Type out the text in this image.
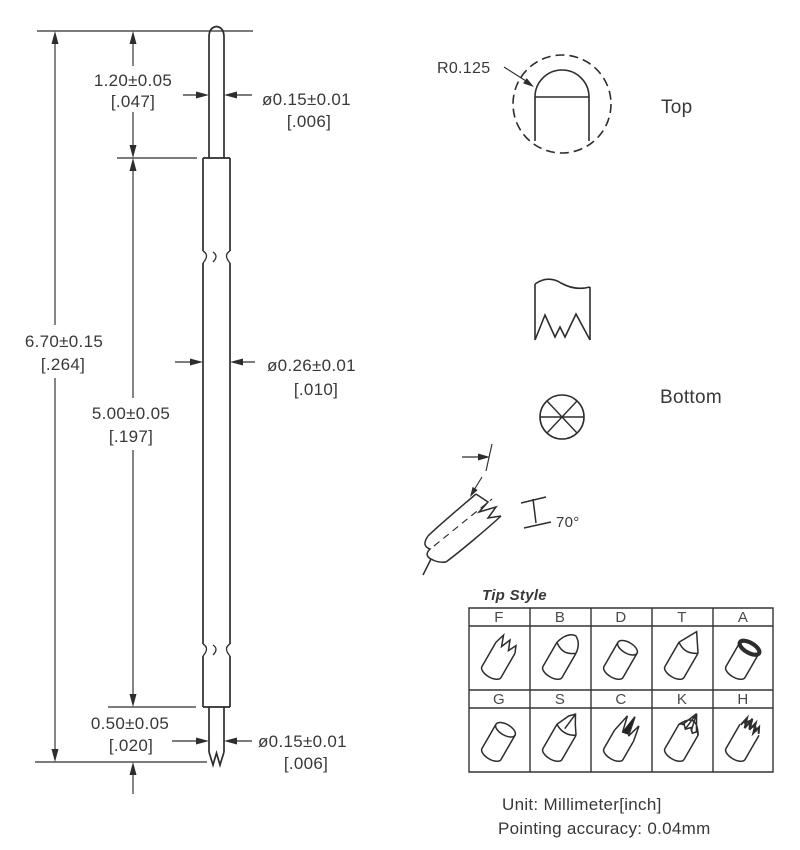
1.20±0.05
[.047]	ø0.15±0.01
[.006]
6.70±0.15
[.264]
5.00±0.05
[.197]
ø0.26±0.01
[.010]
0.50±0.05
[.020]	ø0.15±0.01
[.006]
R0.125
Top
Bottom
70°
Tip Style
F	B	D	T	A
G	S	C	K	H
Unit: Millimeter[inch]
Pointing accuracy: 0.04mm
